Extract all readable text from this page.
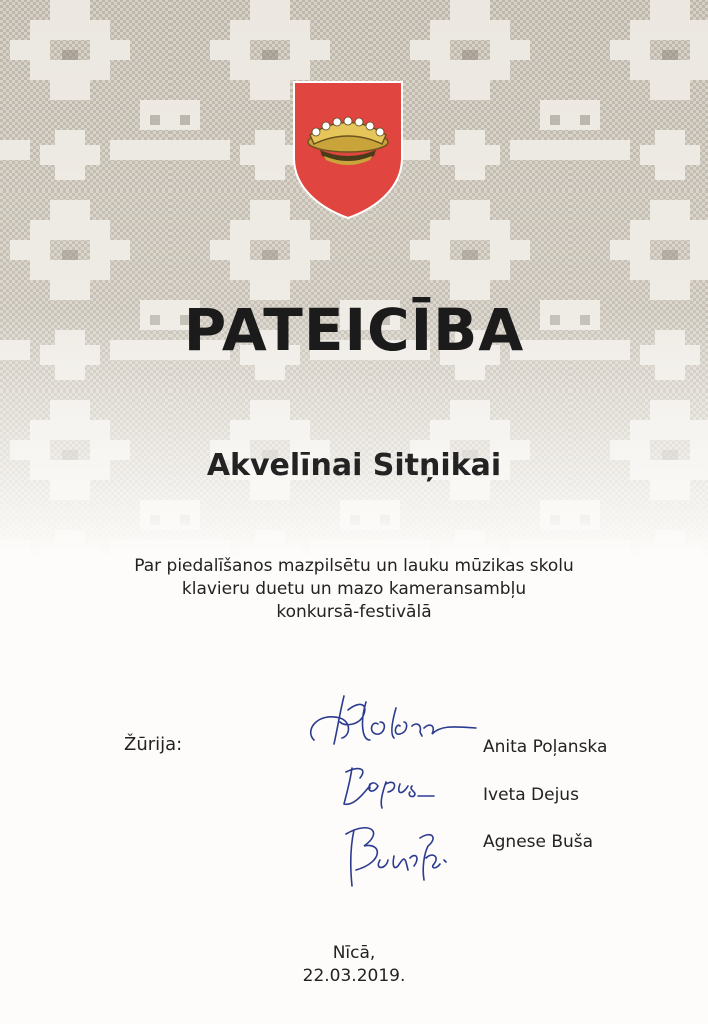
PATEICĪBA
Akvelīnai Sitņikai
Par piedalīšanos mazpilsētu un lauku mūzikas skolu
klavieru duetu un mazo kameransambļu
konkursā-festivālā
Žūrija:	Anita Poļanska
Iveta Dejus
Agnese Buša
Nīcā,
22.03.2019.
